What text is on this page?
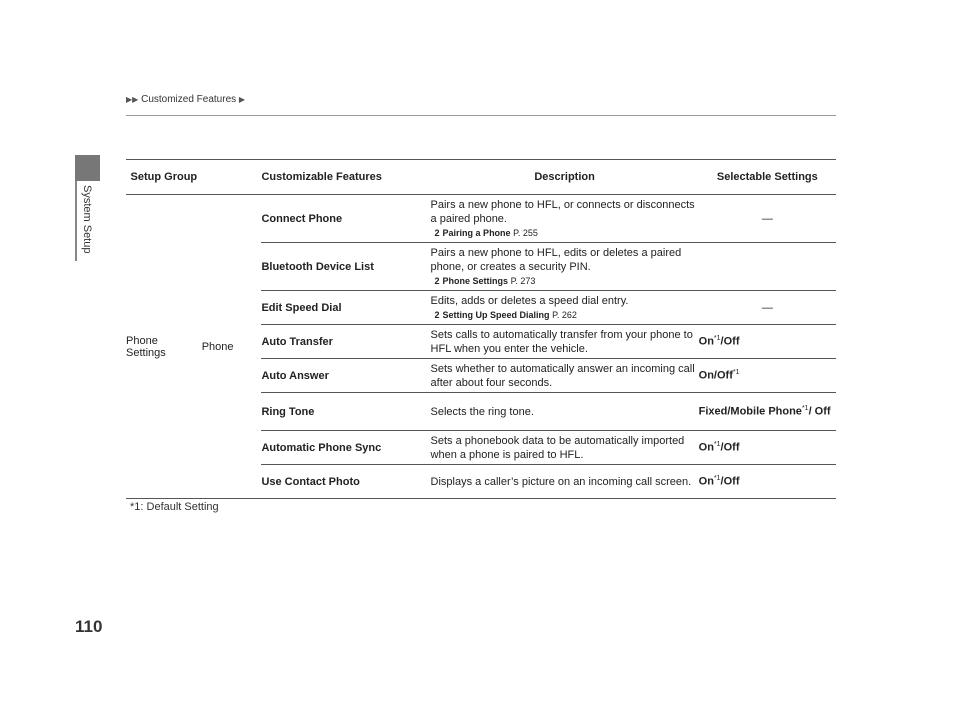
System Setup
▶▶ Customized Features ▶
Setup Group		Customizable Features	Description	Selectable Settings
Phone Settings	Phone	Connect Phone	Pairs a new phone to HFL, or connects or disconnects a paired phone.
2 Pairing a Phone P. 255	—
		Bluetooth Device List	Pairs a new phone to HFL, edits or deletes a paired phone, or creates a security PIN.
2 Phone Settings P. 273	

		Edit Speed Dial	Edits, adds or deletes a speed dial entry.
2 Setting Up Speed Dialing P. 262	—
		Auto Transfer	Sets calls to automatically transfer from your phone to HFL when you enter the vehicle.	On$^{*1}$/Off
		Auto Answer	Sets whether to automatically answer an incoming call after about four seconds.	On/Off$^{*1}$
		Ring Tone	Selects the ring tone.	Fixed/Mobile Phone$^{*1}$/ Off
		Automatic Phone Sync	Sets a phonebook data to be automatically imported when a phone is paired to HFL.	On$^{*1}$/Off
		Use Contact Photo	Displays a caller’s picture on an incoming call screen.	On$^{*1}$/Off
*1: Default Setting
110
